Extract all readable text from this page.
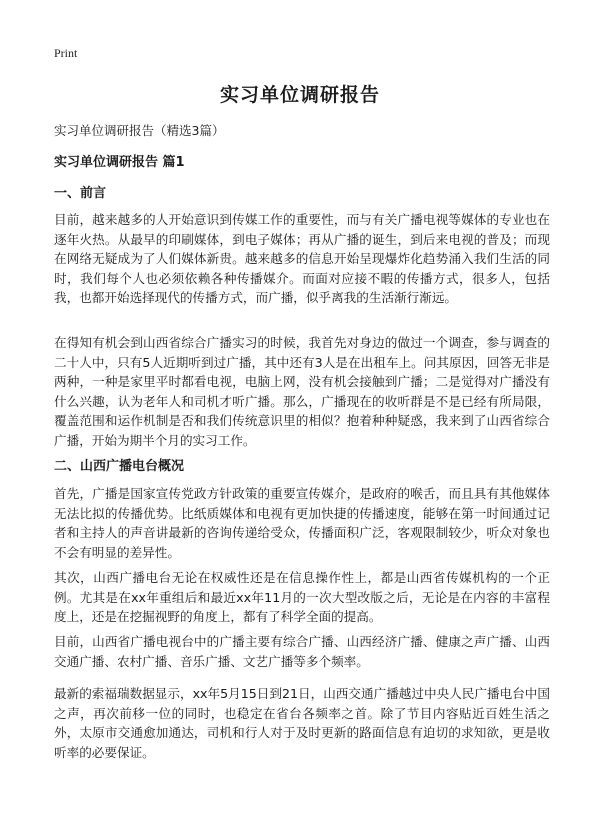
Print
实习单位调研报告
实习单位调研报告（精选3篇）
实习单位调研报告 篇1
一、前言

目前，越来越多的人开始意识到传媒工作的重要性，而与有关广播电视等媒体的专业也在逐年火热。从最早的印刷媒体，到电子媒体；再从广播的诞生，到后来电视的普及；而现在网络无疑成为了人们媒体新贵。越来越多的信息开始呈现爆炸化趋势涌入我们生活的同时，我们每个人也必须依赖各种传播媒介。而面对应接不暇的传播方式，很多人，包括我，也都开始选择现代的传播方式，而广播，似乎离我的生活渐行渐远。

在得知有机会到山西省综合广播实习的时候，我首先对身边的做过一个调查，参与调查的二十人中，只有5人近期听到过广播，其中还有3人是在出租车上。问其原因，回答无非是两种，一种是家里平时都看电视，电脑上网，没有机会接触到广播；二是觉得对广播没有什么兴趣，认为老年人和司机才听广播。那么，广播现在的收听群是不是已经有所局限，覆盖范围和运作机制是否和我们传统意识里的相似？抱着种种疑惑，我来到了山西省综合广播，开始为期半个月的实习工作。

二、山西广播电台概况

首先，广播是国家宣传党政方针政策的重要宣传媒介，是政府的喉舌，而且具有其他媒体无法比拟的传播优势。比纸质媒体和电视有更加快捷的传播速度，能够在第一时间通过记者和主持人的声音讲最新的咨询传递给受众，传播面积广泛，客观限制较少，听众对象也不会有明显的差异性。

其次，山西广播电台无论在权威性还是在信息操作性上，都是山西省传媒机构的一个正例。尤其是在xx年重组后和最近xx年11月的一次大型改版之后，无论是在内容的丰富程度上，还是在挖掘视野的角度上，都有了科学全面的提高。

目前，山西省广播电视台中的广播主要有综合广播、山西经济广播、健康之声广播、山西交通广播、农村广播、音乐广播、文艺广播等多个频率。

最新的索福瑞数据显示，xx年5月15日到21日，山西交通广播越过中央人民广播电台中国之声，再次前移一位的同时，也稳定在省台各频率之首。除了节目内容贴近百姓生活之外，太原市交通愈加通达，司机和行人对于及时更新的路面信息有迫切的求知欲，更是收听率的必要保证。
